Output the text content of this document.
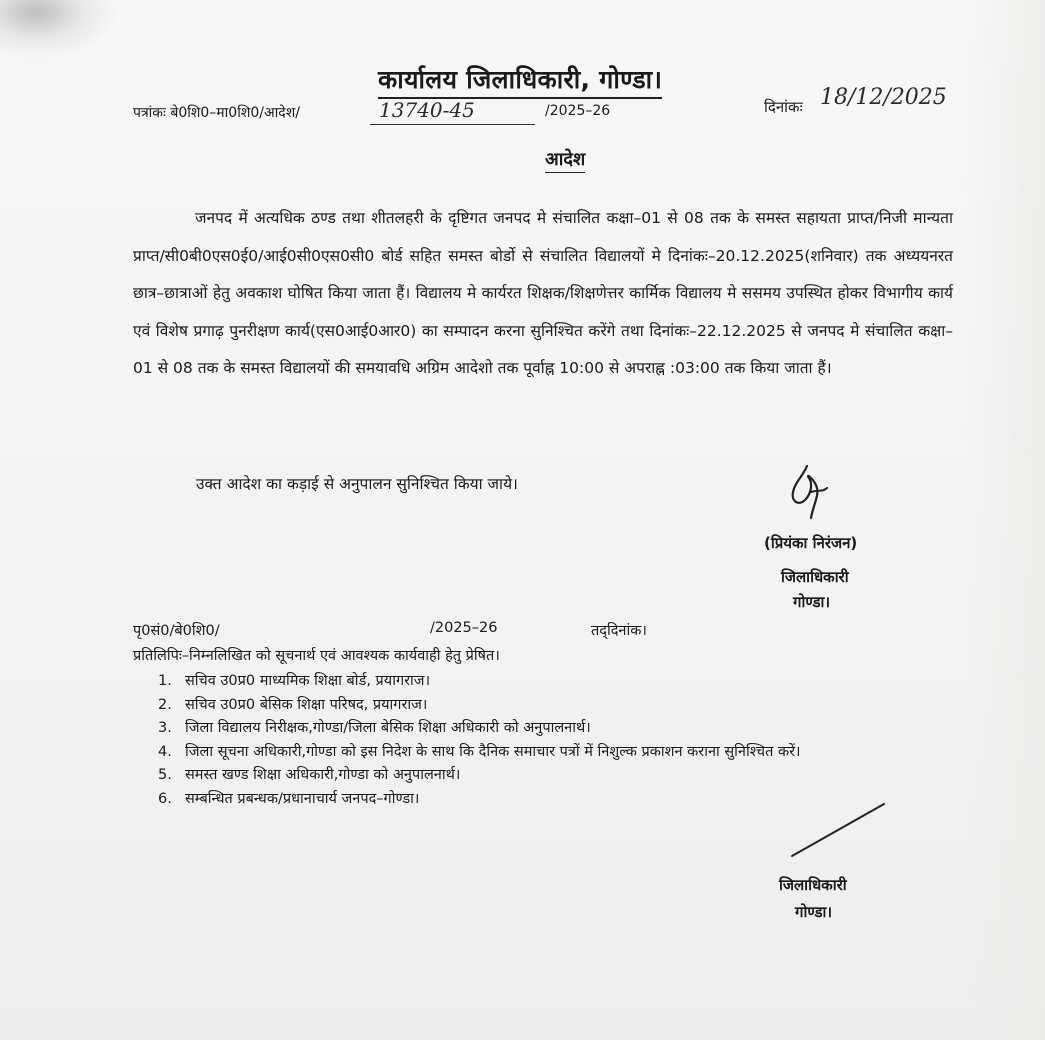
कार्यालय जिलाधिकारी, गोण्डा।
पत्रांकः बे0शि0–मा0शि0/आदेश/	13740-45	/2025–26	दिनांकः 18/12/2025
आदेश
जनपद में अत्यधिक ठण्ड तथा शीतलहरी के दृष्टिगत जनपद मे संचालित कक्षा–01 से 08 तक के समस्त सहायता प्राप्त/निजी मान्यता प्राप्त/सी0बी0एस0ई0/आई0सी0एस0सी0 बोर्ड सहित समस्त बोर्डो से संचालित विद्यालयों मे दिनांकः–20.12.2025(शनिवार) तक अध्ययनरत छात्र–छात्राओं हेतु अवकाश घोषित किया जाता हैं। विद्यालय मे कार्यरत शिक्षक/शिक्षणेत्तर कार्मिक विद्यालय मे ससमय उपस्थित होकर विभागीय कार्य एवं विशेष प्रगाढ़ पुनरीक्षण कार्य(एस0आई0आर0) का सम्पादन करना सुनिश्चित करेंगे तथा दिनांकः–22.12.2025 से जनपद मे संचालित कक्षा–01 से 08 तक के समस्त विद्यालयों की समयावधि अग्रिम आदेशो तक पूर्वाह्न 10:00 से अपराह्न :03:00 तक किया जाता हैं।
उक्त आदेश का कड़ाई से अनुपालन सुनिश्चित किया जाये।
(प्रियंका निरंजन)
जिलाधिकारी
गोण्डा।
पृ0सं0/बे0शि0/	/2025–26	तद्‌दिनांक।
प्रतिलिपिः–निम्नलिखित को सूचनार्थ एवं आवश्यक कार्यवाही हेतु प्रेषित।
1. सचिव उ0प्र0 माध्यमिक शिक्षा बोर्ड, प्रयागराज।
2. सचिव उ0प्र0 बेसिक शिक्षा परिषद, प्रयागराज।
3. जिला विद्यालय निरीक्षक,गोण्डा/जिला बेसिक शिक्षा अधिकारी को अनुपालनार्थ।
4. जिला सूचना अधिकारी,गोण्डा को इस निदेश के साथ कि दैनिक समाचार पत्रों में निशुल्क प्रकाशन कराना सुनिश्चित करें।
5. समस्त खण्ड शिक्षा अधिकारी,गोण्डा को अनुपालनार्थ।
6. सम्बन्धित प्रबन्धक/प्रधानाचार्य जनपद–गोण्डा।
जिलाधिकारी
गोण्डा।
